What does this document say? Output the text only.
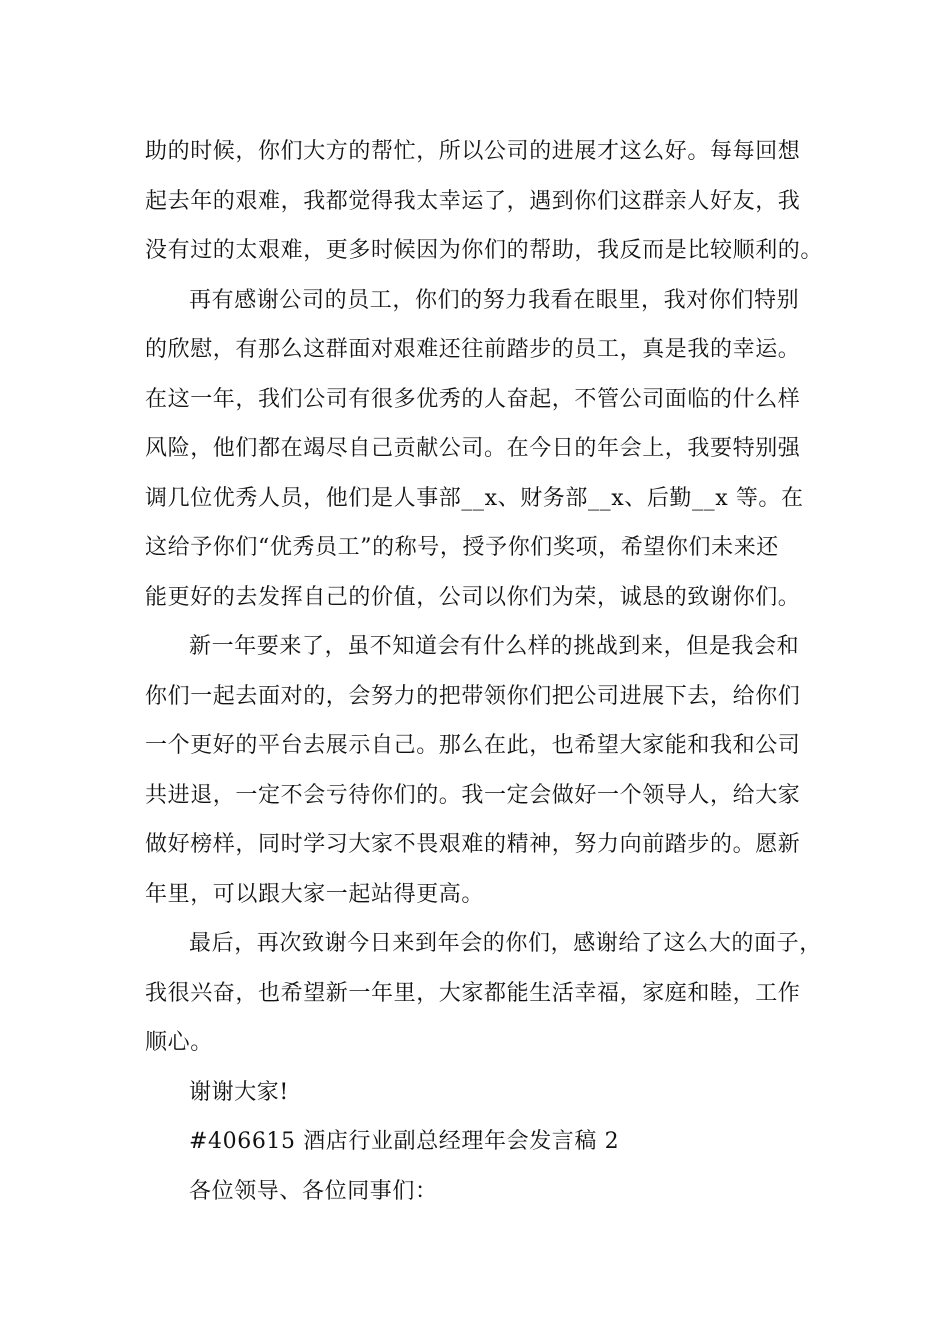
助的时候，你们大方的帮忙，所以公司的进展才这么好。每每回想
起去年的艰难，我都觉得我太幸运了，遇到你们这群亲人好友，我
没有过的太艰难，更多时候因为你们的帮助，我反而是比较顺利的。
再有感谢公司的员工，你们的努力我看在眼里，我对你们特别
的欣慰，有那么这群面对艰难还往前踏步的员工，真是我的幸运。
在这一年，我们公司有很多优秀的人奋起，不管公司面临的什么样
风险，他们都在竭尽自己贡献公司。在今日的年会上，我要特别强
调几位优秀人员，他们是人事部__x、财务部__x、后勤__x 等。在
这给予你们“优秀员工”的称号，授予你们奖项，希望你们未来还
能更好的去发挥自己的价值，公司以你们为荣，诚恳的致谢你们。
新一年要来了，虽不知道会有什么样的挑战到来，但是我会和
你们一起去面对的，会努力的把带领你们把公司进展下去，给你们
一个更好的平台去展示自己。那么在此，也希望大家能和我和公司
共进退，一定不会亏待你们的。我一定会做好一个领导人，给大家
做好榜样，同时学习大家不畏艰难的精神，努力向前踏步的。愿新
年里，可以跟大家一起站得更高。
最后，再次致谢今日来到年会的你们，感谢给了这么大的面子，
我很兴奋，也希望新一年里，大家都能生活幸福，家庭和睦，工作
顺心。
谢谢大家!
#406615 酒店行业副总经理年会发言稿 2
各位领导、各位同事们：
